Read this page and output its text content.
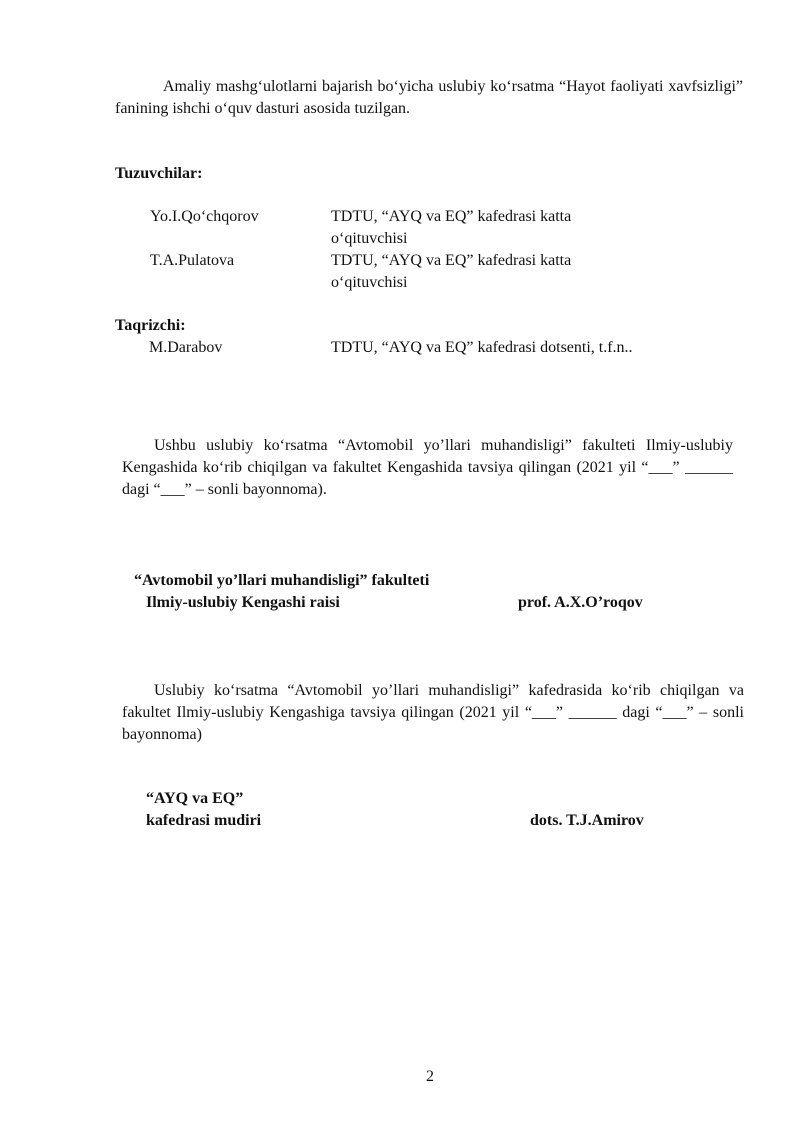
Amaliy mashg‘ulotlarni bajarish bo‘yicha uslubiy ko‘rsatma “Hayot faoliyati xavfsizligi” fanining ishchi o‘quv dasturi asosida tuzilgan.
Tuzuvchilar:
Yo.I.Qo‘chqorov	TDTU, “AYQ va EQ” kafedrasi katta o‘qituvchisi
T.A.Pulatova	TDTU, “AYQ va EQ” kafedrasi katta o‘qituvchisi
Taqrizchi:
M.Darabov	TDTU, “AYQ va EQ” kafedrasi dotsenti, t.f.n..
Ushbu uslubiy ko‘rsatma “Avtomobil yo’llari muhandisligi” fakulteti Ilmiy-uslubiy Kengashida ko‘rib chiqilgan va fakultet Kengashida tavsiya qilingan (2021 yil “___” ______ dagi “___” – sonli bayonnoma).
“Avtomobil yo’llari muhandisligi” fakulteti
Ilmiy-uslubiy Kengashi raisi	prof. A.X.O’roqov
Uslubiy ko‘rsatma “Avtomobil yo’llari muhandisligi” kafedrasida ko‘rib chiqilgan va fakultet Ilmiy-uslubiy Kengashiga tavsiya qilingan (2021 yil “___” ______ dagi “___” – sonli bayonnoma)
“AYQ va EQ”
kafedrasi mudiri	dots. T.J.Amirov
2
